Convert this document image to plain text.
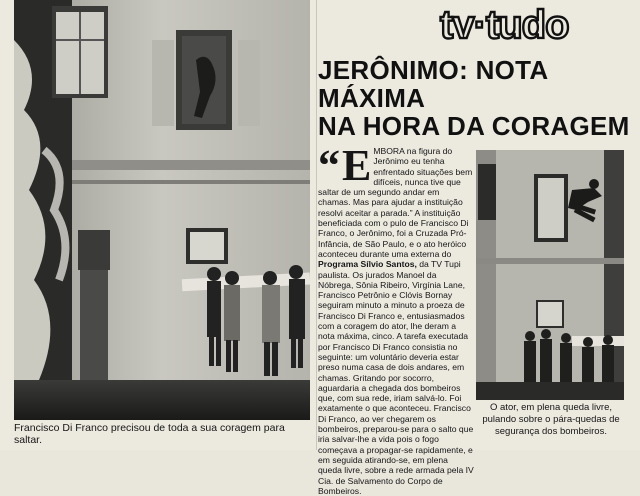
Francisco Di Franco precisou de toda a sua coragem para saltar.
tv·tudo
JERÔNIMO: NOTA MÁXIMA
NA HORA DA CORAGEM

“ E MBORA na figura do Jerônimo eu tenha enfrentado situações bem difíceis, nunca tive que saltar de um segundo andar em chamas. Mas para ajudar a instituição resolvi aceitar a parada.” A instituição beneficiada com o pulo de Francisco Di Franco, o Jerônimo, foi a Cruzada Pró-Infância, de São Paulo, e o ato heróico aconteceu durante uma externa do Programa Sílvio Santos, da TV Tupi paulista. Os jurados Manoel da Nóbrega, Sônia Ribeiro, Virgínia Lane, Francisco Petrônio e Clóvis Bornay seguiram minuto a minuto a proeza de Francisco Di Franco e, entusiasmados com a coragem do ator, lhe deram a nota máxima, cinco. A tarefa executada por Francisco Di Franco consistia no seguinte: um voluntário deveria estar preso numa casa de dois andares, em chamas. Gritando por socorro, aguardaria a chegada dos bombeiros que, com sua rede, iriam salvá-lo. Foi exatamente o que aconteceu. Francisco Di Franco, ao ver chegarem os bombeiros, preparou-se para o salto que iria salvar-lhe a vida pois o fogo começava a propagar-se rapidamente, e em seguida atirando-se, em plena queda livre, sobre a rede armada pela IV Cia. de Salvamento do Corpo de Bombeiros.

O ator, em plena queda livre, pulando sobre o pára-quedas de segurança dos bombeiros.
